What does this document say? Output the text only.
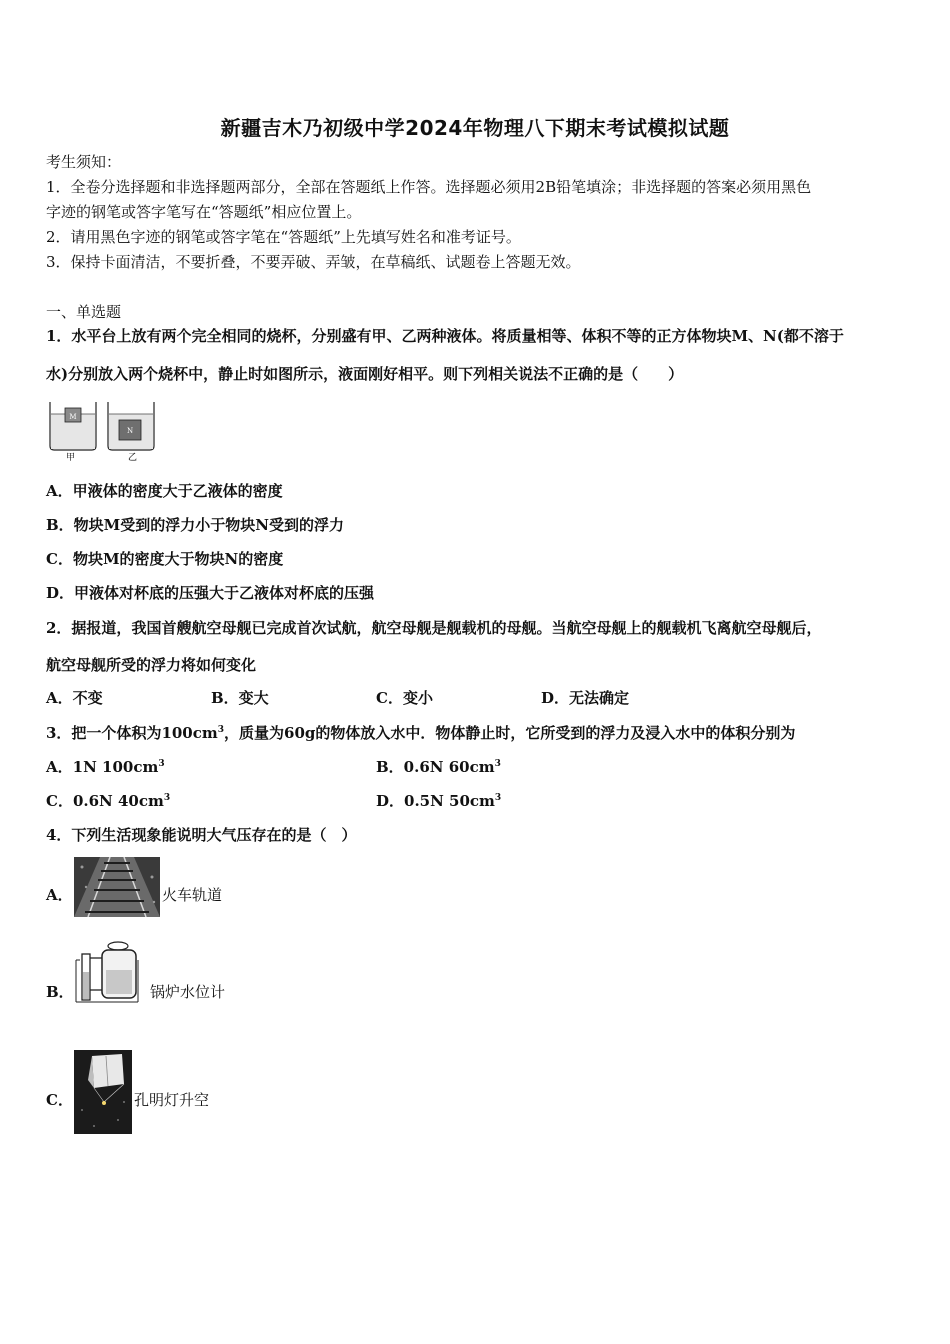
新疆吉木乃初级中学2024年物理八下期末考试模拟试题
考生须知：
1．全卷分选择题和非选择题两部分，全部在答题纸上作答。选择题必须用2B铅笔填涂；非选择题的答案必须用黑色
字迹的钢笔或答字笔写在“答题纸”相应位置上。
2．请用黑色字迹的钢笔或答字笔在“答题纸”上先填写姓名和准考证号。
3．保持卡面清洁，不要折叠，不要弄破、弄皱，在草稿纸、试题卷上答题无效。
一、单选题
1．水平台上放有两个完全相同的烧杯，分别盛有甲、乙两种液体。将质量相等、体积不等的正方体物块M、N(都不溶于
水)分别放入两个烧杯中，静止时如图所示，液面刚好相平。则下列相关说法不正确的是（　　）
M
N
甲	乙
A．甲液体的密度大于乙液体的密度
B．物块M受到的浮力小于物块N受到的浮力
C．物块M的密度大于物块N的密度
D．甲液体对杯底的压强大于乙液体对杯底的压强
2．据报道，我国首艘航空母舰已完成首次试航，航空母舰是舰载机的母舰。当航空母舰上的舰载机飞离航空母舰后，
航空母舰所受的浮力将如何变化
A．不变	B．变大	C．变小	D．无法确定
3．把一个体积为$100cm^3$，质量为60g的物体放入水中．物体静止时，它所受到的浮力及浸入水中的体积分别为
A．1N $100cm^3$	B．0.6N $60cm^3$
C．0.6N $40cm^3$	D．0.5N $50cm^3$
4．下列生活现象能说明大气压存在的是（　）
A．	火车轨道
B．	锅炉水位计
C．	孔明灯升空
